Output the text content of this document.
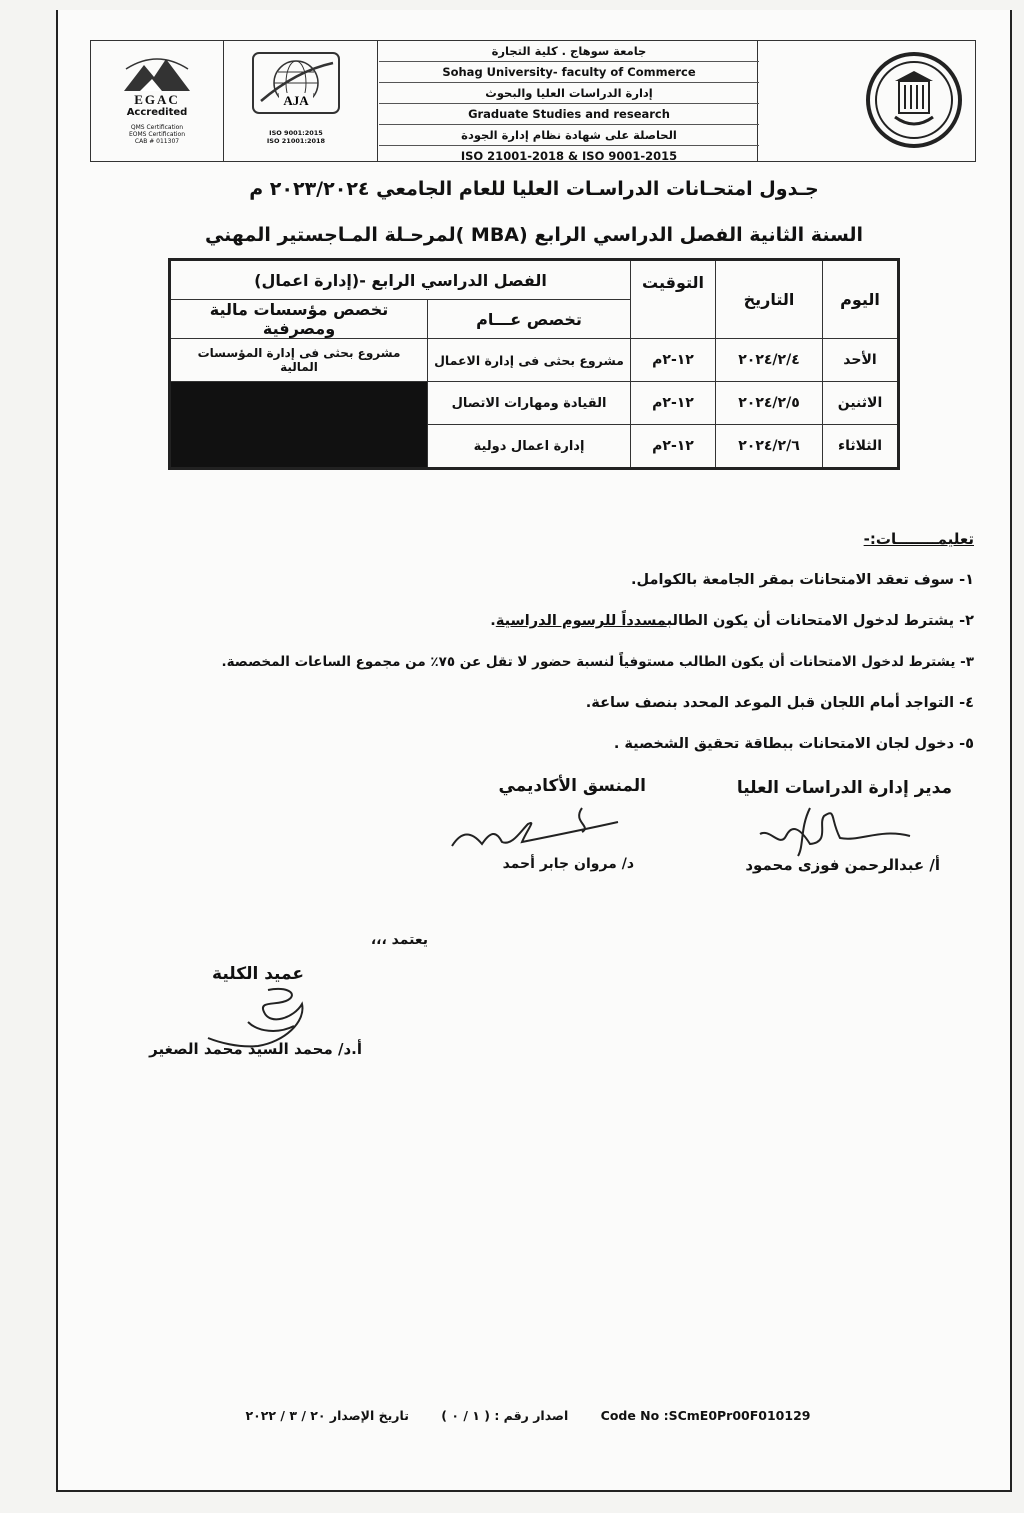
EGAC
Accredited
QMS Certification
EOMS Certification
CAB # 011307
AJA
ISO 9001:2015
ISO 21001:2018
جامعة سوهاج . كلية التجارة
Sohag University- faculty of Commerce
إدارة الدراسات العليا والبحوث
Graduate Studies and research
الحاصلة على شهادة نظام إدارة الجودة
ISO 21001-2018 & ISO 9001-2015
جـدول امتحـانات الدراسـات العليا للعام الجامعي ٢٠٢٣/٢٠٢٤ م
لمرحـلة المـاجستير المهني( MBA) السنة الثانية الفصل الدراسي الرابع
اليوم	التاريخ	التوقيت	الفصل الدراسي الرابع -(إدارة اعمال)	
			تخصص عـــام	تخصص مؤسسات مالية ومصرفية
الأحد	٢٠٢٤/٢/٤	١٢-٢م	مشروع بحثى فى إدارة الاعمال	مشروع بحثى فى إدارة المؤسسات المالية
الاثنين	٢٠٢٤/٢/٥	١٢-٢م	القيادة ومهارات الاتصال	
الثلاثاء	٢٠٢٤/٢/٦	١٢-٢م	إدارة اعمال دولية	
تعليمــــــــات:-
١- سوف تعقد الامتحانات بمقر الجامعة بالكوامل.
٢- يشترط لدخول الامتحانات أن يكون الطالبمسدداً للرسوم الدراسية.
٣- يشترط لدخول الامتحانات أن يكون الطالب مستوفياً لنسبة حضور لا تقل عن ٧٥٪ من مجموع الساعات المخصصة.
٤- التواجد أمام اللجان قبل الموعد المحدد بنصف ساعة.
٥- دخول لجان الامتحانات ببطاقة تحقيق الشخصية .
مدير إدارة الدراسات العليا
أ/ عبدالرحمن فوزى محمود
المنسق الأكاديمي
د/ مروان جابر أحمد
يعتمد ،،،
عميد الكلية
أ.د/ محمد السيد محمد الصغير
Code No :SCmE0Pr00F010129 اصدار رقم : ( ١ / ٠ ) تاريخ الإصدار ٢٠ / ٣ / ٢٠٢٢
